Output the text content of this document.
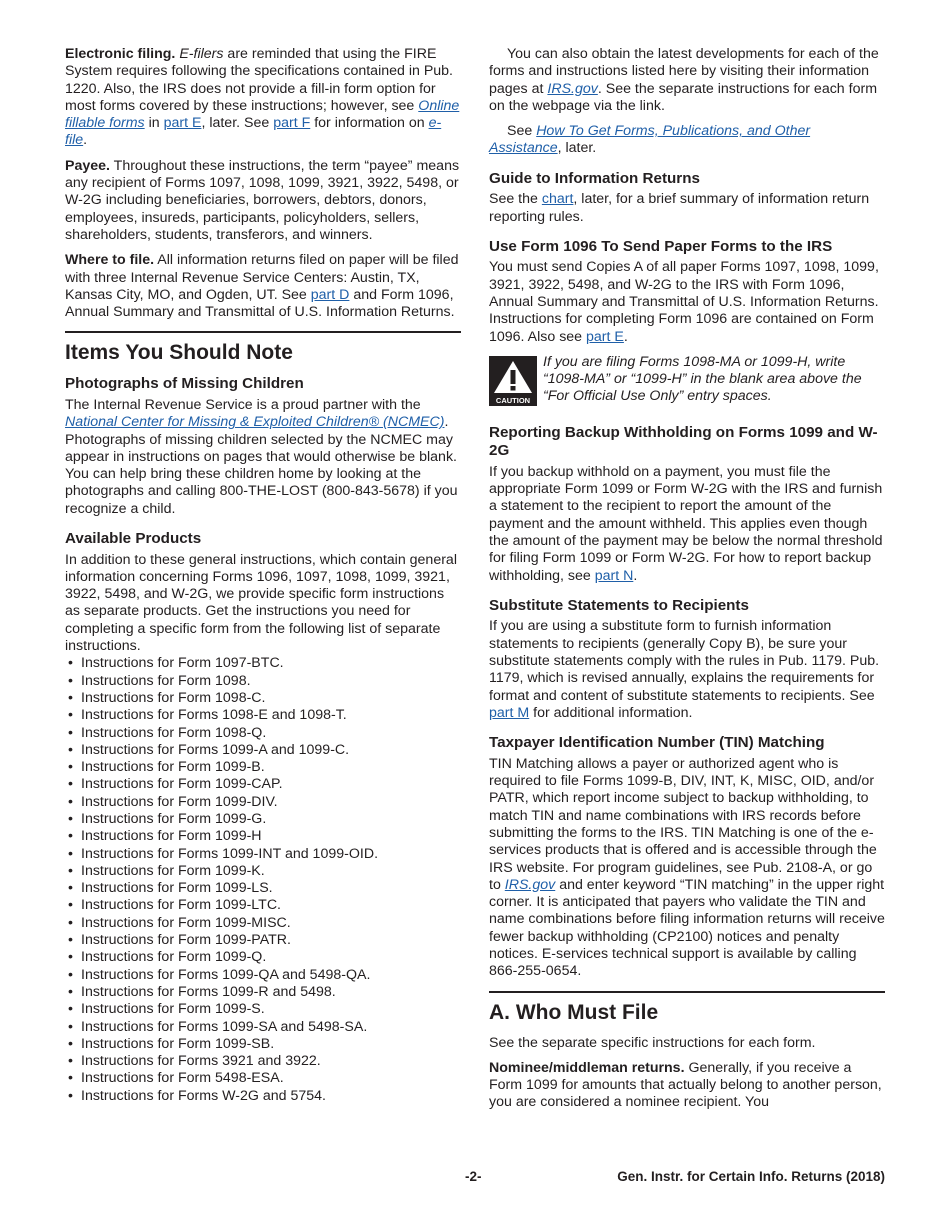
Electronic filing. E-filers are reminded that using the FIRE System requires following the specifications contained in Pub. 1220. Also, the IRS does not provide a fill-in form option for most forms covered by these instructions; however, see Online fillable forms in part E, later. See part F for information on e-file.

Payee. Throughout these instructions, the term “payee” means any recipient of Forms 1097, 1098, 1099, 3921, 3922, 5498, or W-2G including beneficiaries, borrowers, debtors, donors, employees, insureds, participants, policyholders, sellers, shareholders, students, transferors, and winners.

Where to file. All information returns filed on paper will be filed with three Internal Revenue Service Centers: Austin, TX, Kansas City, MO, and Ogden, UT. See part D and Form 1096, Annual Summary and Transmittal of U.S. Information Returns.

Items You Should Note
Photographs of Missing Children

The Internal Revenue Service is a proud partner with the National Center for Missing & Exploited Children® (NCMEC). Photographs of missing children selected by the NCMEC may appear in instructions on pages that would otherwise be blank. You can help bring these children home by looking at the photographs and calling 800-THE-LOST (800-843-5678) if you recognize a child.

Available Products

In addition to these general instructions, which contain general information concerning Forms 1096, 1097, 1098, 1099, 3921, 3922, 5498, and W-2G, we provide specific form instructions as separate products. Get the instructions you need for completing a specific form from the following list of separate instructions.

• Instructions for Form 1097-BTC.
• Instructions for Form 1098.
• Instructions for Form 1098-C.
• Instructions for Forms 1098-E and 1098-T.
• Instructions for Form 1098-Q.
• Instructions for Forms 1099-A and 1099-C.
• Instructions for Form 1099-B.
• Instructions for Form 1099-CAP.
• Instructions for Form 1099-DIV.
• Instructions for Form 1099-G.
• Instructions for Form 1099-H
• Instructions for Forms 1099-INT and 1099-OID.
• Instructions for Form 1099-K.
• Instructions for Form 1099-LS.
• Instructions for Form 1099-LTC.
• Instructions for Form 1099-MISC.
• Instructions for Form 1099-PATR.
• Instructions for Form 1099-Q.
• Instructions for Forms 1099-QA and 5498-QA.
• Instructions for Forms 1099-R and 5498.
• Instructions for Form 1099-S.
• Instructions for Forms 1099-SA and 5498-SA.
• Instructions for Form 1099-SB.
• Instructions for Forms 3921 and 3922.
• Instructions for Form 5498-ESA.
• Instructions for Forms W-2G and 5754.

You can also obtain the latest developments for each of the forms and instructions listed here by visiting their information pages at IRS.gov. See the separate instructions for each form on the webpage via the link.

See How To Get Forms, Publications, and Other Assistance, later.

Guide to Information Returns

See the chart, later, for a brief summary of information return reporting rules.

Use Form 1096 To Send Paper Forms to the IRS

You must send Copies A of all paper Forms 1097, 1098, 1099, 3921, 3922, 5498, and W-2G to the IRS with Form 1096, Annual Summary and Transmittal of U.S. Information Returns. Instructions for completing Form 1096 are contained on Form 1096. Also see part E.

CAUTION
If you are filing Forms 1098-MA or 1099-H, write “1098-MA” or “1099-H” in the blank area above the “For Official Use Only” entry spaces.
Reporting Backup Withholding on Forms 1099 and W-2G

If you backup withhold on a payment, you must file the appropriate Form 1099 or Form W-2G with the IRS and furnish a statement to the recipient to report the amount of the payment and the amount withheld. This applies even though the amount of the payment may be below the normal threshold for filing Form 1099 or Form W-2G. For how to report backup withholding, see part N.

Substitute Statements to Recipients

If you are using a substitute form to furnish information statements to recipients (generally Copy B), be sure your substitute statements comply with the rules in Pub. 1179. Pub. 1179, which is revised annually, explains the requirements for format and content of substitute statements to recipients. See part M for additional information.

Taxpayer Identification Number (TIN) Matching

TIN Matching allows a payer or authorized agent who is required to file Forms 1099-B, DIV, INT, K, MISC, OID, and/or PATR, which report income subject to backup withholding, to match TIN and name combinations with IRS records before submitting the forms to the IRS. TIN Matching is one of the e-services products that is offered and is accessible through the IRS website. For program guidelines, see Pub. 2108-A, or go to IRS.gov and enter keyword “TIN matching” in the upper right corner. It is anticipated that payers who validate the TIN and name combinations before filing information returns will receive fewer backup withholding (CP2100) notices and penalty notices. E-services technical support is available by calling 866-255-0654.

A. Who Must File

See the separate specific instructions for each form.

Nominee/middleman returns. Generally, if you receive a Form 1099 for amounts that actually belong to another person, you are considered a nominee recipient. You

-2-	Gen. Instr. for Certain Info. Returns (2018)
